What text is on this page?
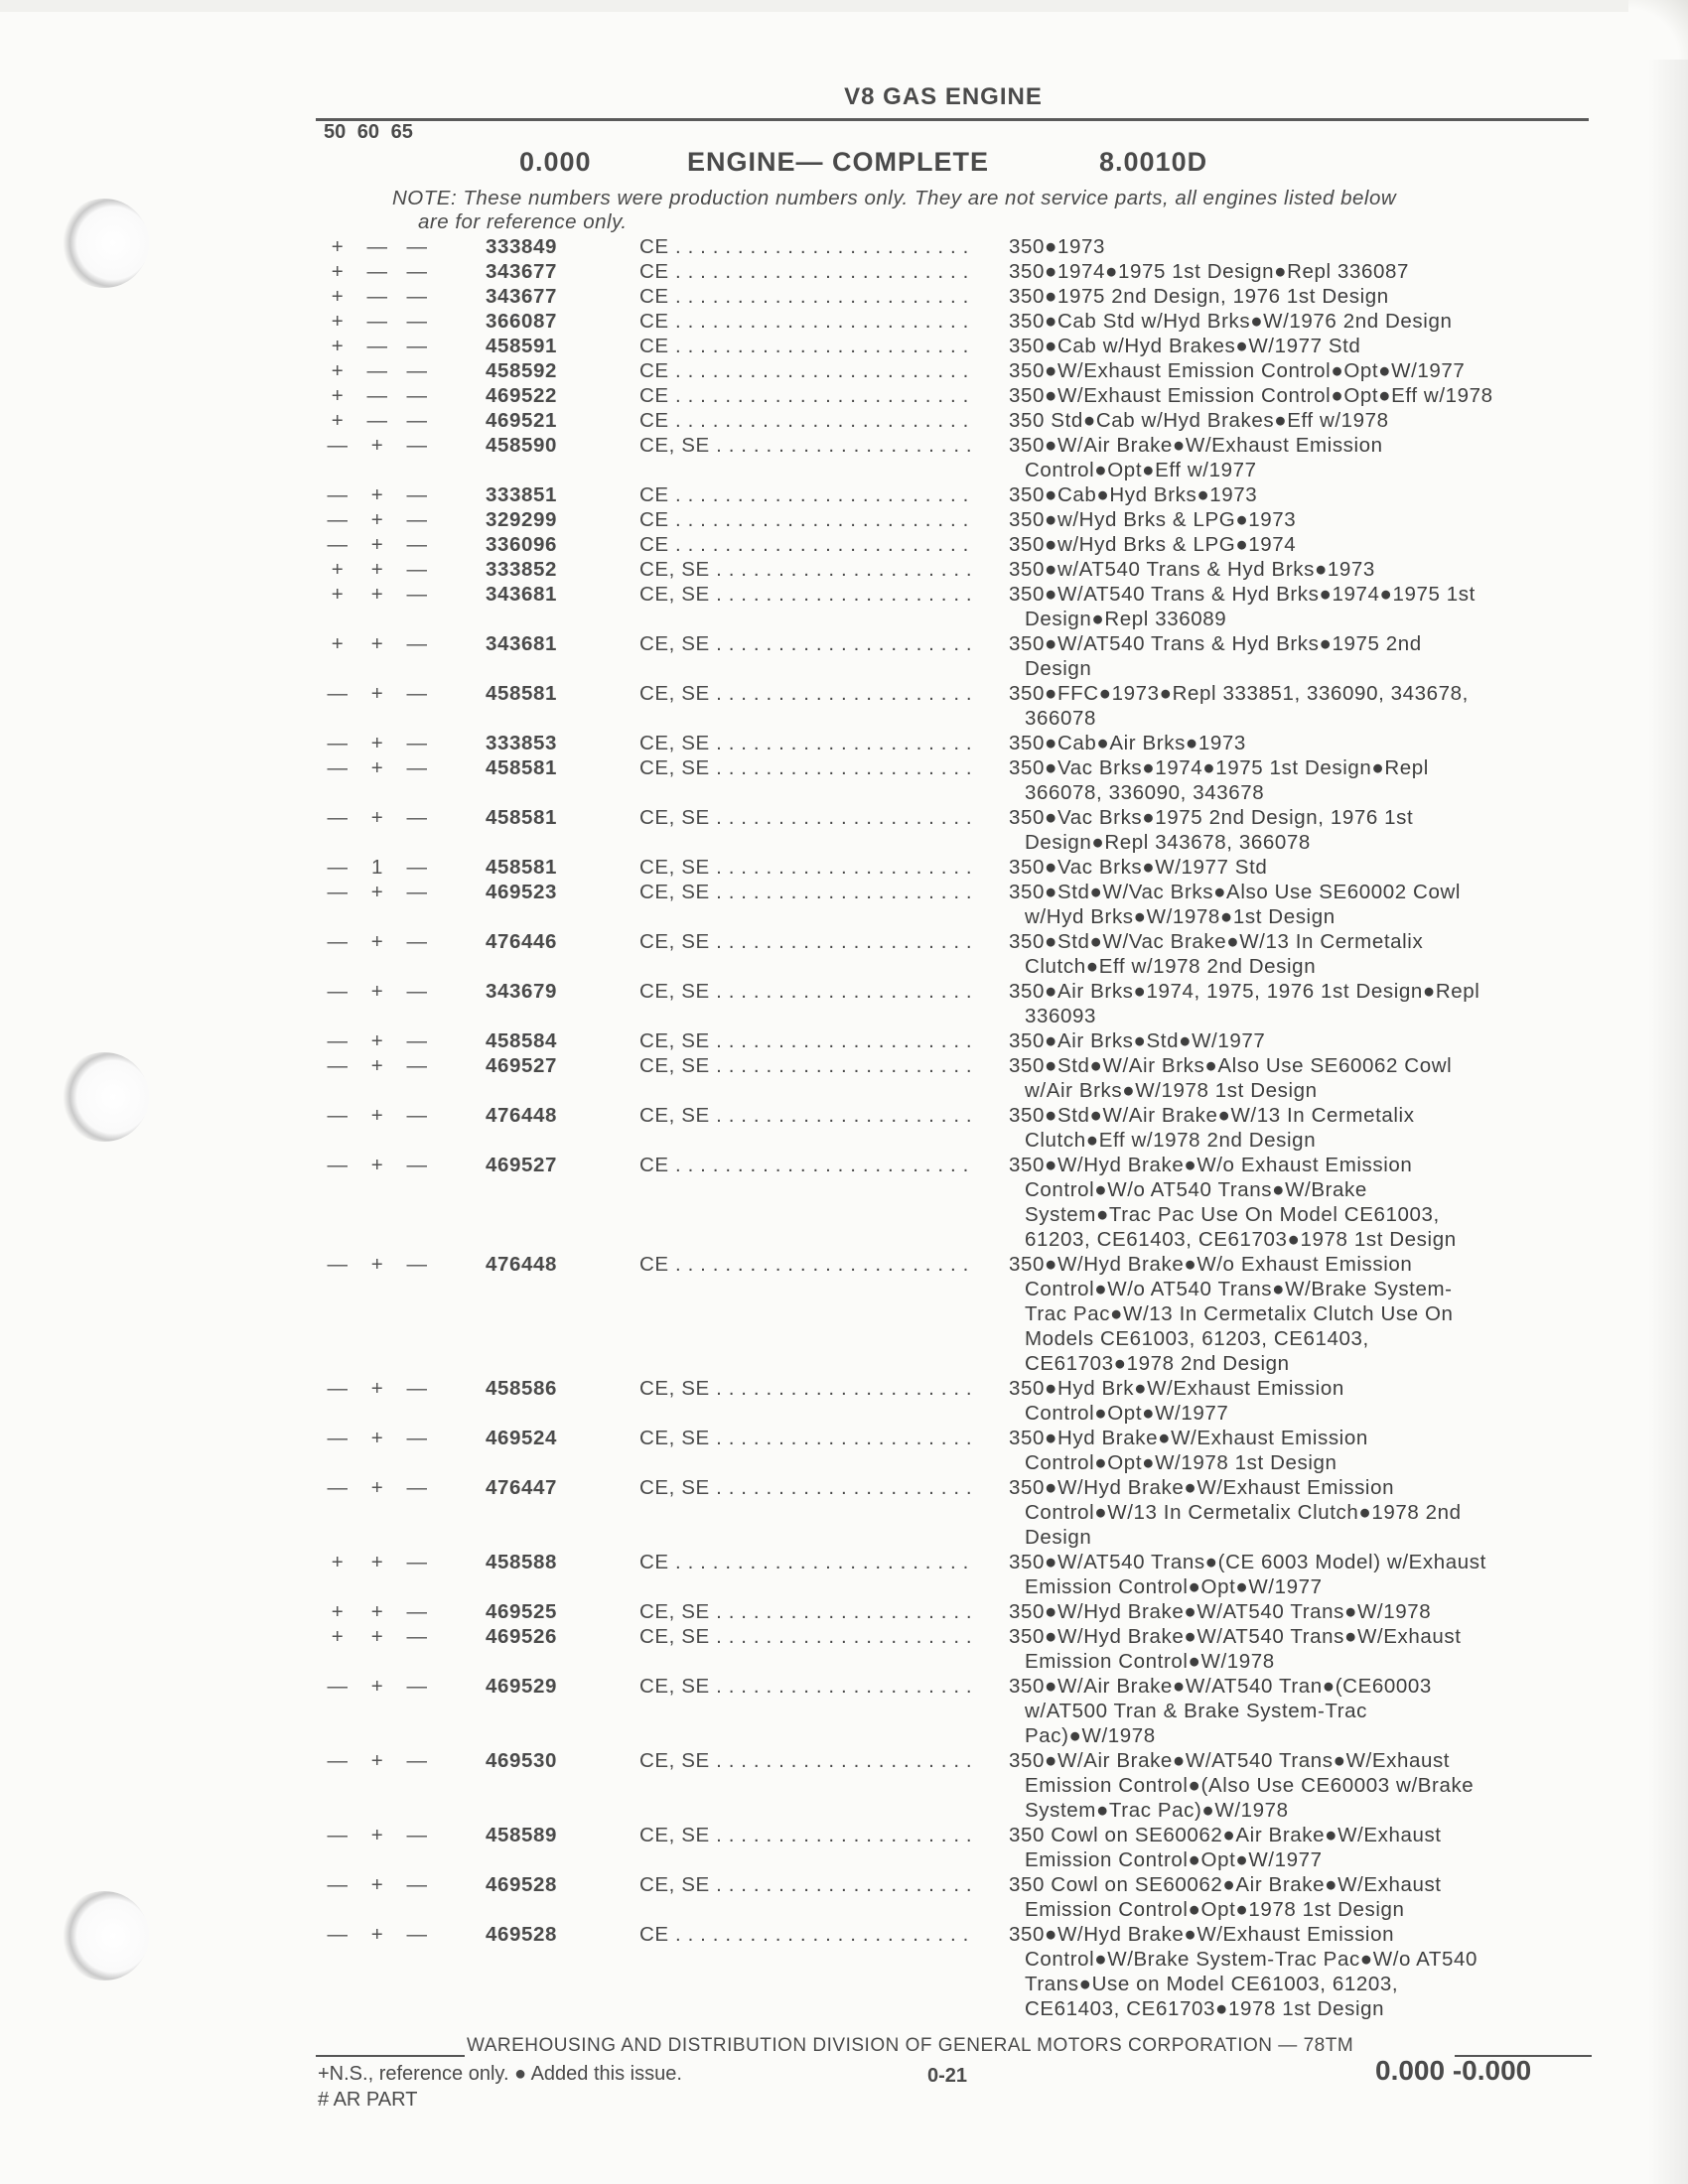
V8 GAS ENGINE
50 60 65
0.000	ENGINE— COMPLETE	8.0010D
NOTE: These numbers were production numbers only. They are not service parts, all engines listed below
are for reference only.
+	— —	333849	CE . . . . . . . . . . . . . . . . . . . . . . . .	350●1973
+	— —	343677	CE . . . . . . . . . . . . . . . . . . . . . . . .	350●1974●1975 1st Design●Repl 336087
+	— —	343677	CE . . . . . . . . . . . . . . . . . . . . . . . .	350●1975 2nd Design, 1976 1st Design
+	— —	366087	CE . . . . . . . . . . . . . . . . . . . . . . . .	350●Cab Std w/Hyd Brks●W/1976 2nd Design
+	— —	458591	CE . . . . . . . . . . . . . . . . . . . . . . . .	350●Cab w/Hyd Brakes●W/1977 Std
+	— —	458592	CE . . . . . . . . . . . . . . . . . . . . . . . .	350●W/Exhaust Emission Control●Opt●W/1977
+	— —	469522	CE . . . . . . . . . . . . . . . . . . . . . . . .	350●W/Exhaust Emission Control●Opt●Eff w/1978
+	— —	469521	CE . . . . . . . . . . . . . . . . . . . . . . . .	350 Std●Cab w/Hyd Brakes●Eff w/1978
—	+	—	458590	CE, SE . . . . . . . . . . . . . . . . . . . . .	350●W/Air Brake●W/Exhaust Emission
Control●Opt●Eff w/1977
—	+	—	333851	CE . . . . . . . . . . . . . . . . . . . . . . . .	350●Cab●Hyd Brks●1973
—	+	—	329299	CE . . . . . . . . . . . . . . . . . . . . . . . .	350●w/Hyd Brks & LPG●1973
—	+	—	336096	CE . . . . . . . . . . . . . . . . . . . . . . . .	350●w/Hyd Brks & LPG●1974
+	+	—	333852	CE, SE . . . . . . . . . . . . . . . . . . . . .	350●w/AT540 Trans & Hyd Brks●1973
+	+	—	343681	CE, SE . . . . . . . . . . . . . . . . . . . . .	350●W/AT540 Trans & Hyd Brks●1974●1975 1st
Design●Repl 336089
+	+	—	343681	CE, SE . . . . . . . . . . . . . . . . . . . . .	350●W/AT540 Trans & Hyd Brks●1975 2nd
Design
—	+	—	458581	CE, SE . . . . . . . . . . . . . . . . . . . . .	350●FFC●1973●Repl 333851, 336090, 343678,
366078
—	+	—	333853	CE, SE . . . . . . . . . . . . . . . . . . . . .	350●Cab●Air Brks●1973
—	+	—	458581	CE, SE . . . . . . . . . . . . . . . . . . . . .	350●Vac Brks●1974●1975 1st Design●Repl
366078, 336090, 343678
—	+	—	458581	CE, SE . . . . . . . . . . . . . . . . . . . . .	350●Vac Brks●1975 2nd Design, 1976 1st
Design●Repl 343678, 366078
—	1	—	458581	CE, SE . . . . . . . . . . . . . . . . . . . . .	350●Vac Brks●W/1977 Std
—	+	—	469523	CE, SE . . . . . . . . . . . . . . . . . . . . .	350●Std●W/Vac Brks●Also Use SE60002 Cowl
w/Hyd Brks●W/1978●1st Design
—	+	—	476446	CE, SE . . . . . . . . . . . . . . . . . . . . .	350●Std●W/Vac Brake●W/13 In Cermetalix
Clutch●Eff w/1978 2nd Design
—	+	—	343679	CE, SE . . . . . . . . . . . . . . . . . . . . .	350●Air Brks●1974, 1975, 1976 1st Design●Repl
336093
—	+	—	458584	CE, SE . . . . . . . . . . . . . . . . . . . . .	350●Air Brks●Std●W/1977
—	+	—	469527	CE, SE . . . . . . . . . . . . . . . . . . . . .	350●Std●W/Air Brks●Also Use SE60062 Cowl
w/Air Brks●W/1978 1st Design
—	+	—	476448	CE, SE . . . . . . . . . . . . . . . . . . . . .	350●Std●W/Air Brake●W/13 In Cermetalix
Clutch●Eff w/1978 2nd Design
—	+	—	469527	CE . . . . . . . . . . . . . . . . . . . . . . . .	350●W/Hyd Brake●W/o Exhaust Emission
Control●W/o AT540 Trans●W/Brake
System●Trac Pac Use On Model CE61003,
61203, CE61403, CE61703●1978 1st Design
—	+	—	476448	CE . . . . . . . . . . . . . . . . . . . . . . . .	350●W/Hyd Brake●W/o Exhaust Emission
Control●W/o AT540 Trans●W/Brake System-
Trac Pac●W/13 In Cermetalix Clutch Use On
Models CE61003, 61203, CE61403,
CE61703●1978 2nd Design
—	+	—	458586	CE, SE . . . . . . . . . . . . . . . . . . . . .	350●Hyd Brk●W/Exhaust Emission
Control●Opt●W/1977
—	+	—	469524	CE, SE . . . . . . . . . . . . . . . . . . . . .	350●Hyd Brake●W/Exhaust Emission
Control●Opt●W/1978 1st Design
—	+	—	476447	CE, SE . . . . . . . . . . . . . . . . . . . . .	350●W/Hyd Brake●W/Exhaust Emission
Control●W/13 In Cermetalix Clutch●1978 2nd
Design
+	+	—	458588	CE . . . . . . . . . . . . . . . . . . . . . . . .	350●W/AT540 Trans●(CE 6003 Model) w/Exhaust
Emission Control●Opt●W/1977
+	+	—	469525	CE, SE . . . . . . . . . . . . . . . . . . . . .	350●W/Hyd Brake●W/AT540 Trans●W/1978
+	+	—	469526	CE, SE . . . . . . . . . . . . . . . . . . . . .	350●W/Hyd Brake●W/AT540 Trans●W/Exhaust
Emission Control●W/1978
—	+	—	469529	CE, SE . . . . . . . . . . . . . . . . . . . . .	350●W/Air Brake●W/AT540 Tran●(CE60003
w/AT500 Tran & Brake System-Trac
Pac)●W/1978
—	+	—	469530	CE, SE . . . . . . . . . . . . . . . . . . . . .	350●W/Air Brake●W/AT540 Trans●W/Exhaust
Emission Control●(Also Use CE60003 w/Brake
System●Trac Pac)●W/1978
—	+	—	458589	CE, SE . . . . . . . . . . . . . . . . . . . . .	350 Cowl on SE60062●Air Brake●W/Exhaust
Emission Control●Opt●W/1977
—	+	—	469528	CE, SE . . . . . . . . . . . . . . . . . . . . .	350 Cowl on SE60062●Air Brake●W/Exhaust
Emission Control●Opt●1978 1st Design
—	+	—	469528	CE . . . . . . . . . . . . . . . . . . . . . . . .	350●W/Hyd Brake●W/Exhaust Emission
Control●W/Brake System-Trac Pac●W/o AT540
Trans●Use on Model CE61003, 61203,
CE61403, CE61703●1978 1st Design
WAREHOUSING AND DISTRIBUTION DIVISION OF GENERAL MOTORS CORPORATION — 78TM
+N.S., reference only. ● Added this issue.
# AR PART
0-21	0.000 -0.000
